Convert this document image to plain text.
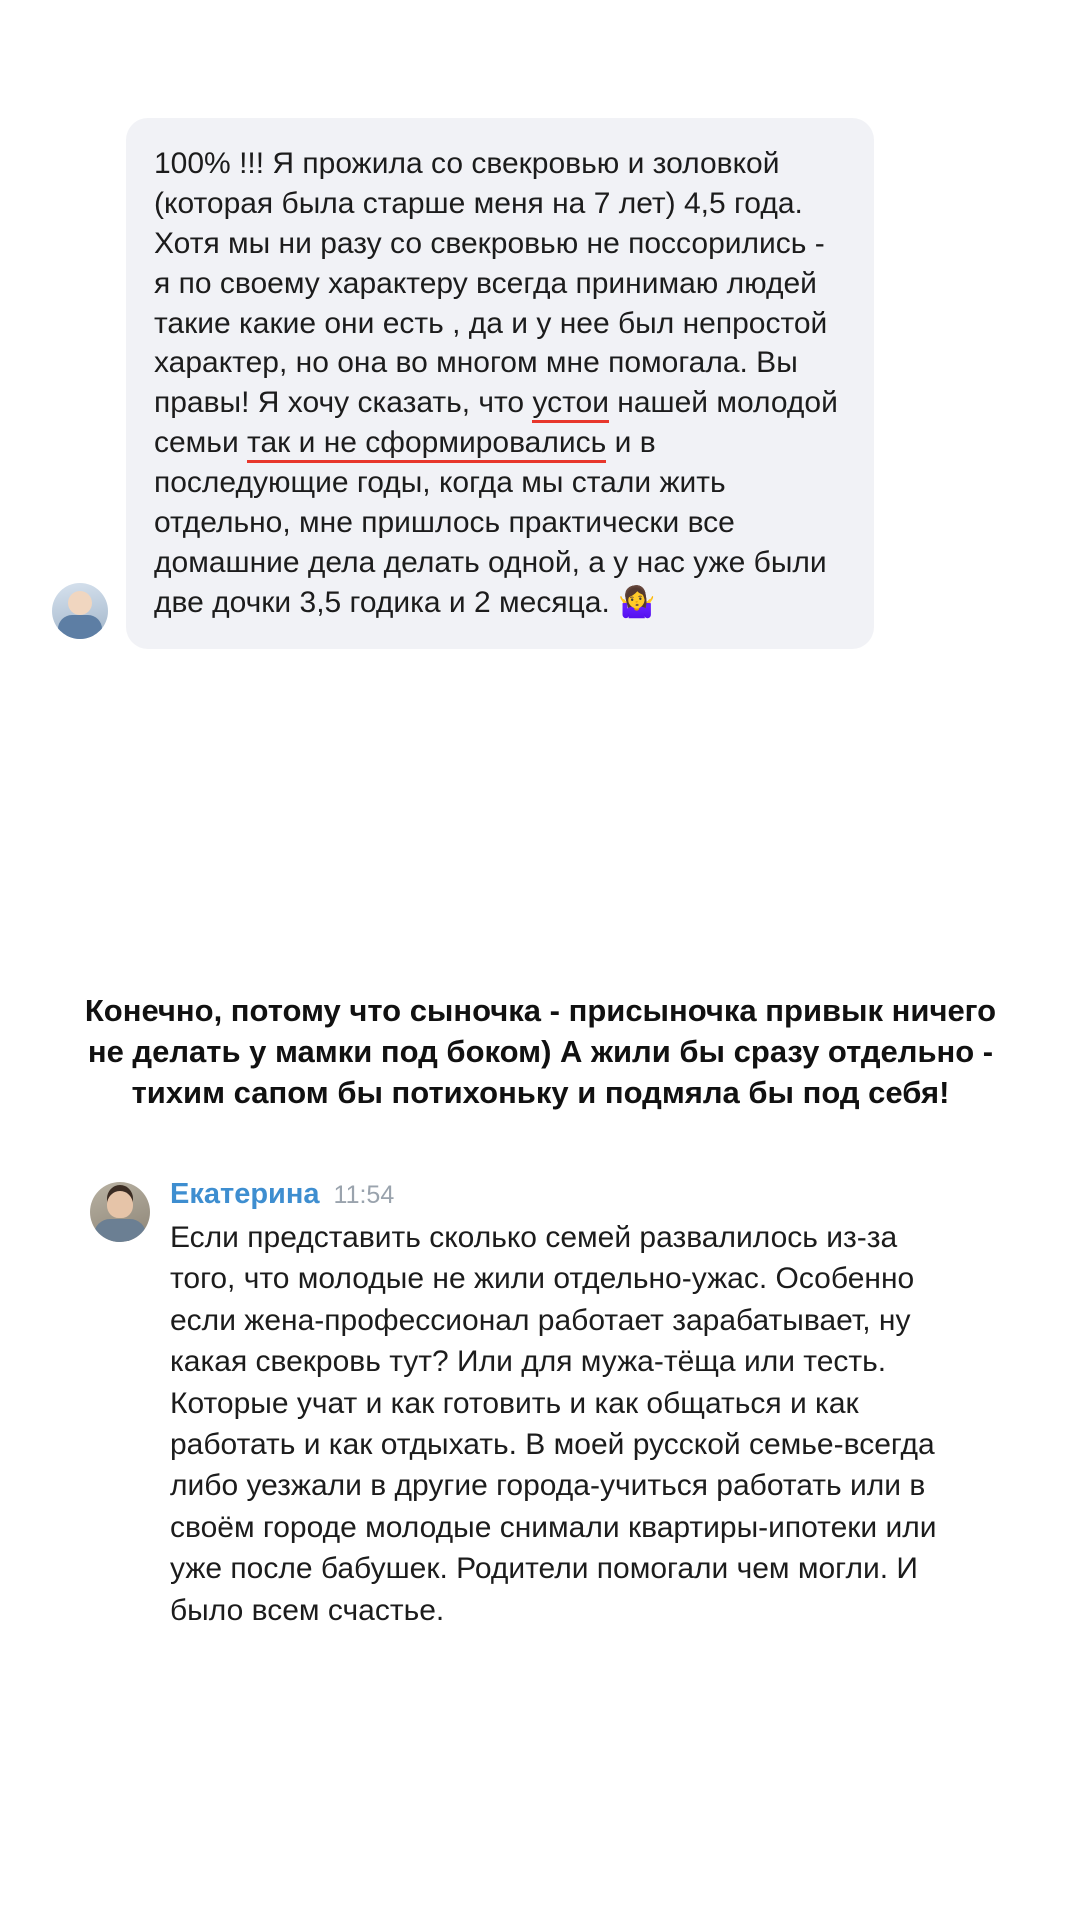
100% !!! Я прожила со свекровью и золовкой (которая была старше меня на 7 лет) 4,5 года. Хотя мы ни разу со свекровью не поссорились - я по своему характеру всегда принимаю людей такие какие они есть , да и у нее был непростой характер, но она во многом мне помогала. Вы правы! Я хочу сказать, что устои нашей молодой семьи так и не сформировались и в последующие годы, когда мы стали жить отдельно, мне пришлось практически все домашние дела делать одной, а у нас уже были две дочки 3,5 годика и 2 месяца. 🤷‍♀️

Конечно, потому что сыночка - присыночка привык ничего не делать у мамки под боком) А жили бы сразу отдельно - тихим сапом бы потихоньку и подмяла бы под себя!
Екатерина 11:54

Если представить сколько семей развалилось из-за того, что молодые не жили отдельно-ужас. Особенно если жена-профессионал работает зарабатывает, ну какая свекровь тут? Или для мужа-тёща или тесть. Которые учат и как готовить и как общаться и как работать и как отдыхать. В моей русской семье-всегда либо уезжали в другие города-учиться работать или в своём городе молодые снимали квартиры-ипотеки или уже после бабушек. Родители помогали чем могли. И было всем счастье.
